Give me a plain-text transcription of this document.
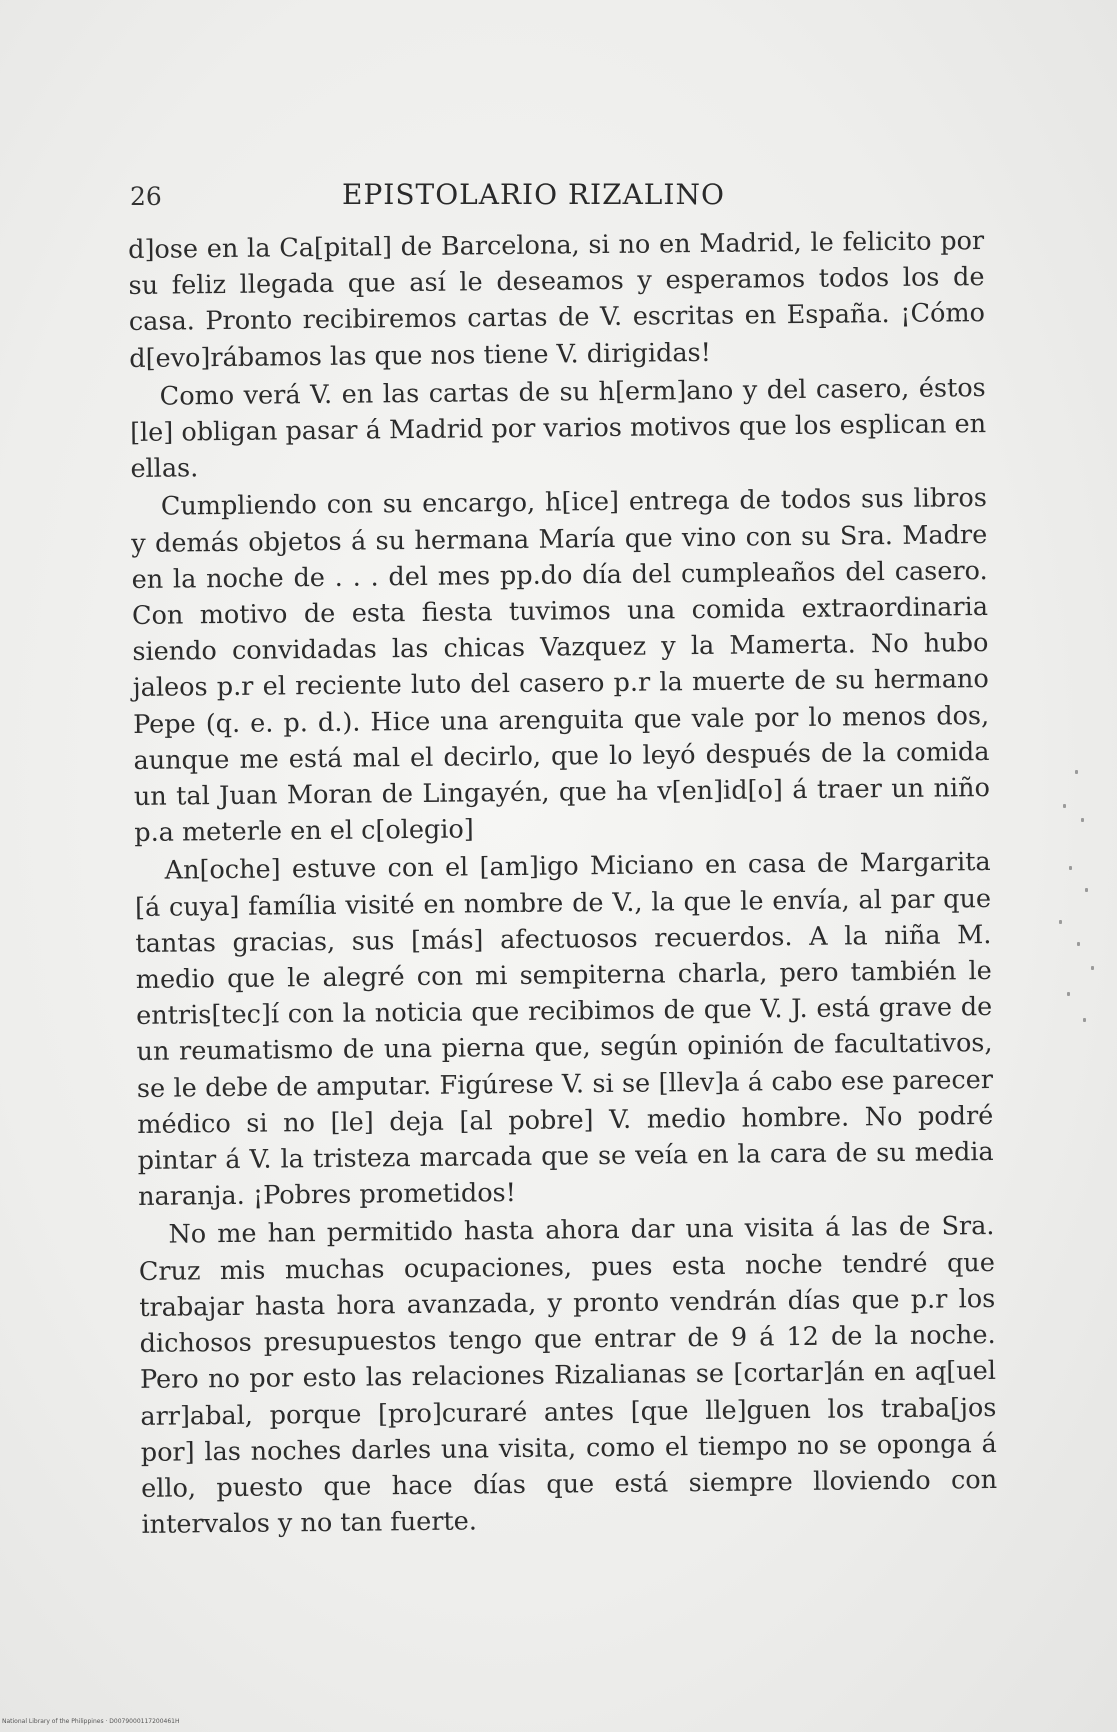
26	EPISTOLARIO RIZALINO

d]ose en la Ca[pital] de Barcelona, si no en Madrid, le felicito por su feliz llegada que así le deseamos y esperamos todos los de casa. Pronto recibiremos cartas de V. escritas en España. ¡Cómo d[evo]rábamos las que nos tiene V. dirigidas!

Como verá V. en las cartas de su h[erm]ano y del casero, éstos [le] obligan pasar á Madrid por varios motivos que los esplican en ellas.

Cumpliendo con su encargo, h[ice] entrega de todos sus libros y demás objetos á su hermana María que vino con su Sra. Madre en la noche de . . . del mes pp.do día del cumpleaños del casero. Con motivo de esta fiesta tuvimos una comida extraordinaria siendo convidadas las chicas Vazquez y la Mamerta. No hubo jaleos p.r el reciente luto del casero p.r la muerte de su hermano Pepe (q. e. p. d.). Hice una arenguita que vale por lo menos dos, aunque me está mal el decirlo, que lo leyó después de la comida un tal Juan Moran de Lingayén, que ha v[en]id[o] á traer un niño p.a meterle en el c[olegio]

An[oche] estuve con el [am]igo Miciano en casa de Margarita [á cuya] família visité en nombre de V., la que le envía, al par que tantas gracias, sus [más] afectuosos recuerdos. A la niña M. medio que le alegré con mi sempiterna charla, pero también le entris[tec]í con la noticia que recibimos de que V. J. está grave de un reumatismo de una pierna que, según opinión de facultativos, se le debe de amputar. Figúrese V. si se [llev]a á cabo ese parecer médico si no [le] deja [al pobre] V. medio hombre. No podré pintar á V. la tristeza marcada que se veía en la cara de su media naranja. ¡Pobres prometidos!

No me han permitido hasta ahora dar una visita á las de Sra. Cruz mis muchas ocupaciones, pues esta noche tendré que trabajar hasta hora avanzada, y pronto vendrán días que p.r los dichosos presupuestos tengo que entrar de 9 á 12 de la noche. Pero no por esto las relaciones Rizalianas se [cortar]án en aq[uel arr]abal, porque [pro]curaré antes [que lle]guen los traba[jos por] las noches darles una visita, como el tiempo no se oponga á ello, puesto que hace días que está siempre lloviendo con intervalos y no tan fuerte.

National Library of the Philippines · D0079000117200461H
